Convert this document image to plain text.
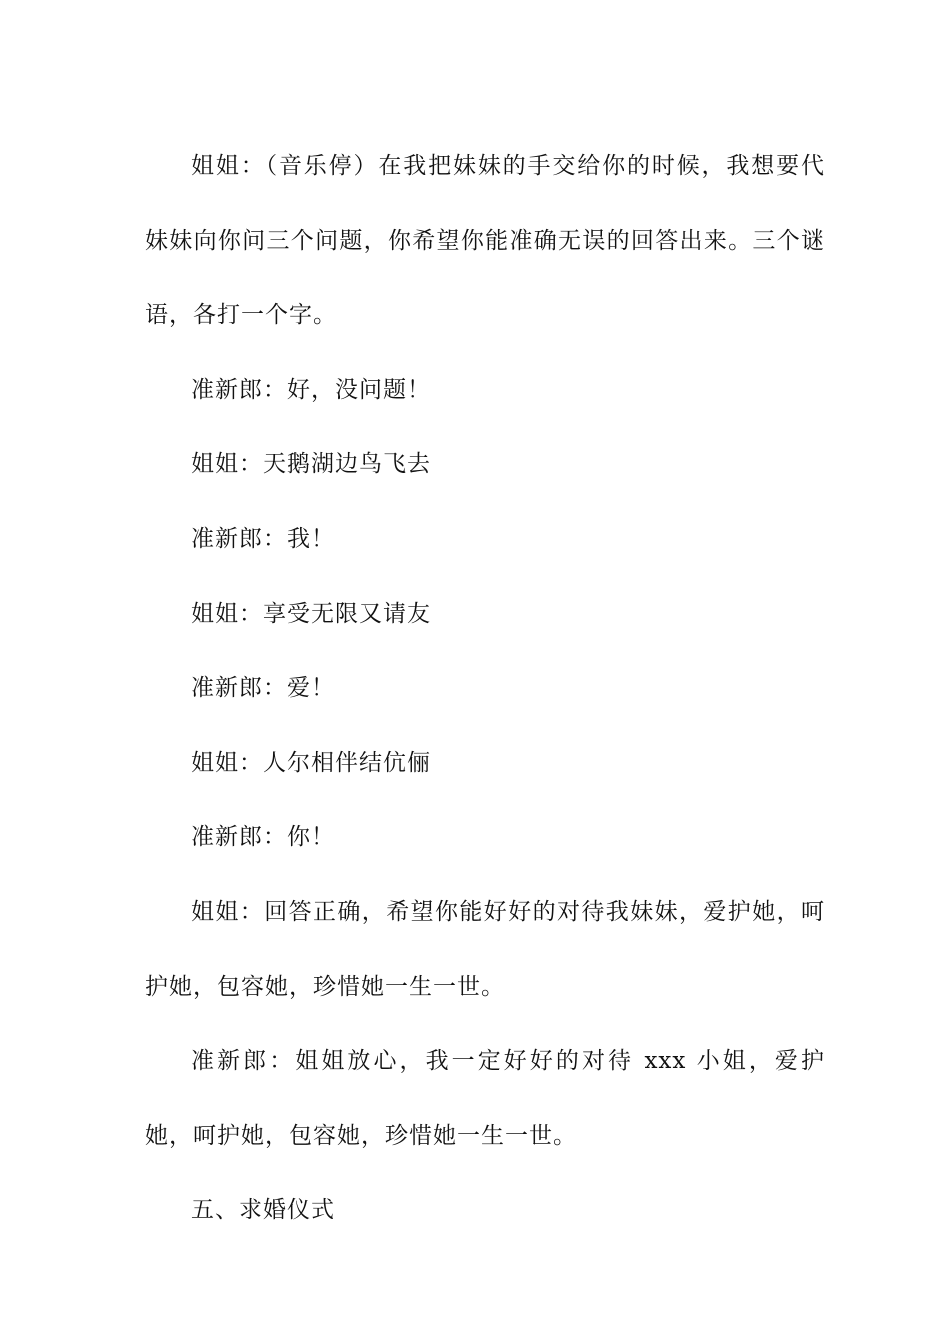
姐姐：（音乐停）在我把妹妹的手交给你的时候，我想要代妹妹向你问三个问题，你希望你能准确无误的回答出来。三个谜语，各打一个字。

准新郎：好，没问题！

姐姐：天鹅湖边鸟飞去

准新郎：我！

姐姐：享受无限又请友

准新郎：爱！

姐姐：人尔相伴结伉俪

准新郎：你！

姐姐：回答正确，希望你能好好的对待我妹妹，爱护她，呵护她，包容她，珍惜她一生一世。

准新郎：姐姐放心，我一定好好的对待 xxx 小姐，爱护她，呵护她，包容她，珍惜她一生一世。

五、求婚仪式
